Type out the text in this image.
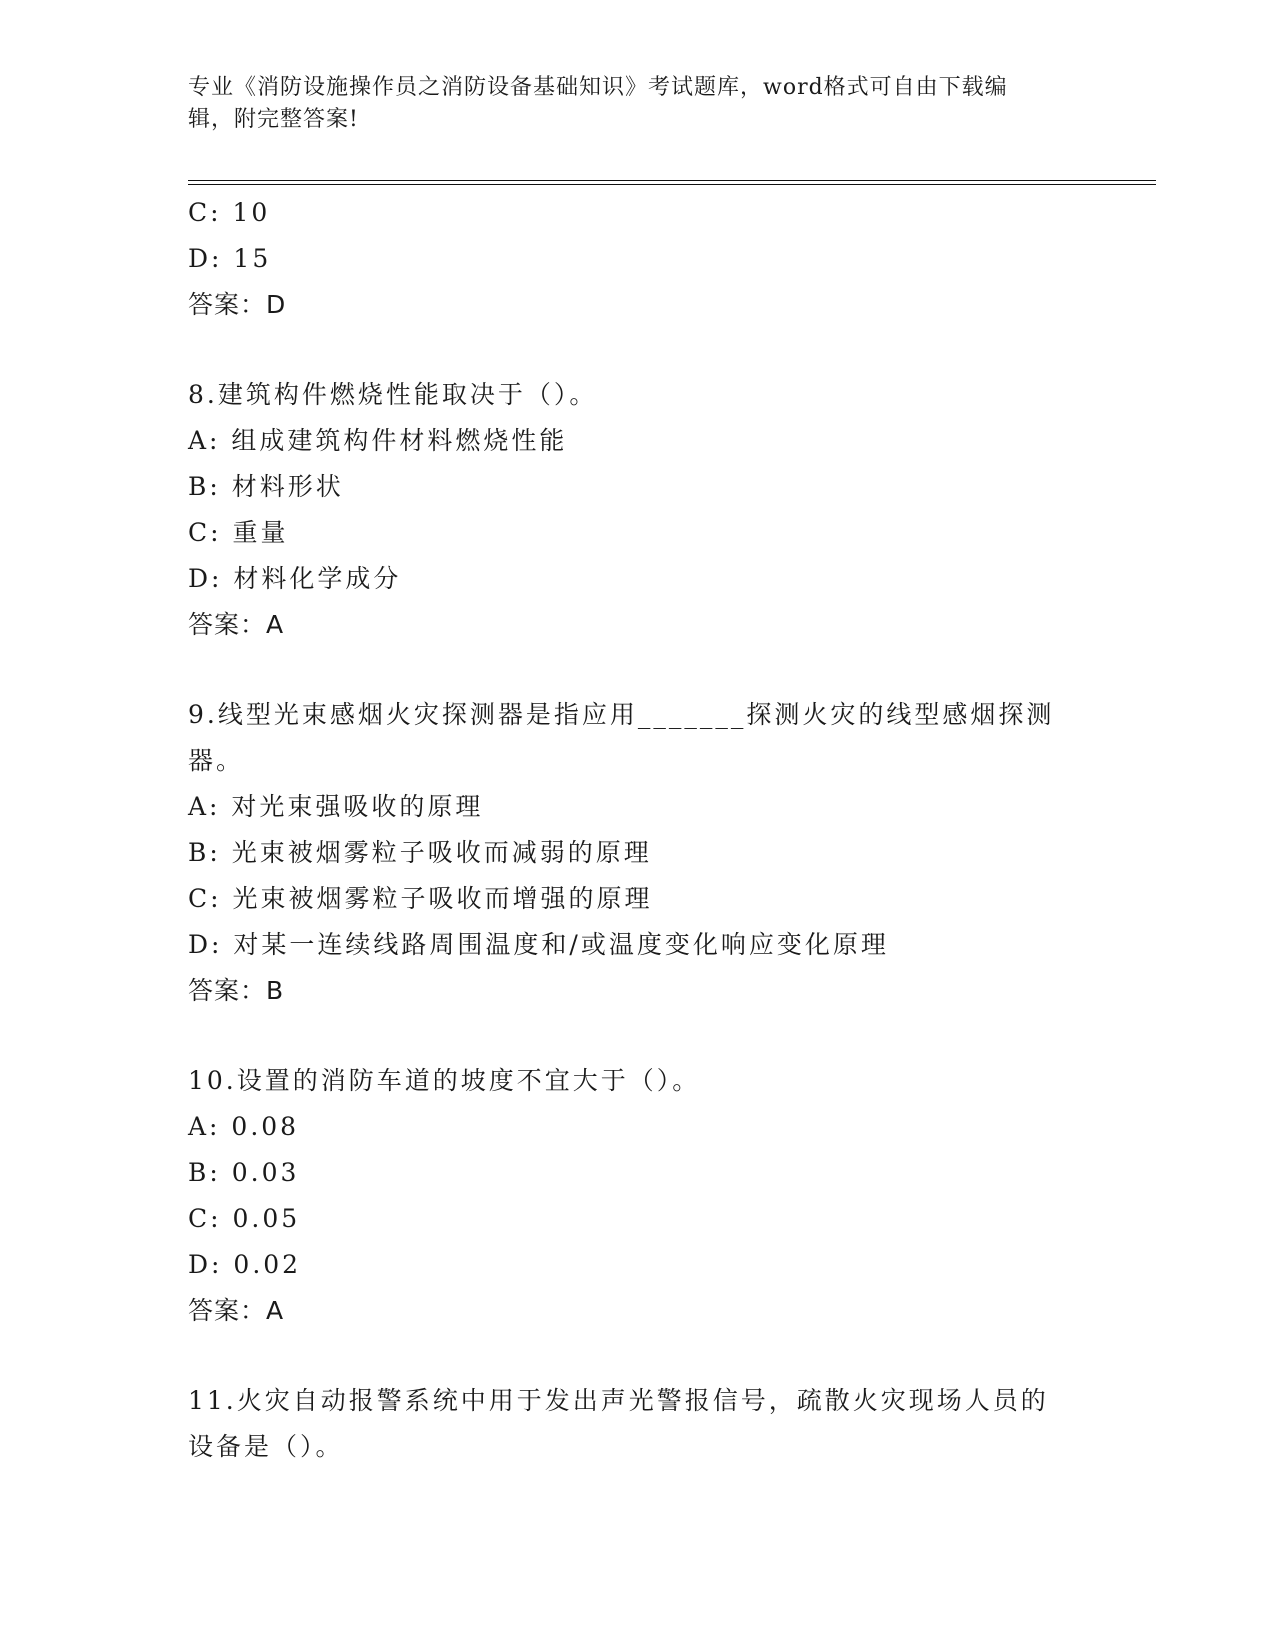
专业《消防设施操作员之消防设备基础知识》考试题库，word格式可自由下载编
辑，附完整答案!
C: 10
D: 15
答案：D
8.建筑构件燃烧性能取决于（）。
A: 组成建筑构件材料燃烧性能
B: 材料形状
C: 重量
D: 材料化学成分
答案：A
9.线型光束感烟火灾探测器是指应用_______探测火灾的线型感烟探测
器。
A: 对光束强吸收的原理
B: 光束被烟雾粒子吸收而减弱的原理
C: 光束被烟雾粒子吸收而增强的原理
D: 对某一连续线路周围温度和/或温度变化响应变化原理
答案：B
10.设置的消防车道的坡度不宜大于（）。
A: 0.08
B: 0.03
C: 0.05
D: 0.02
答案：A
11.火灾自动报警系统中用于发出声光警报信号，疏散火灾现场人员的
设备是（）。
